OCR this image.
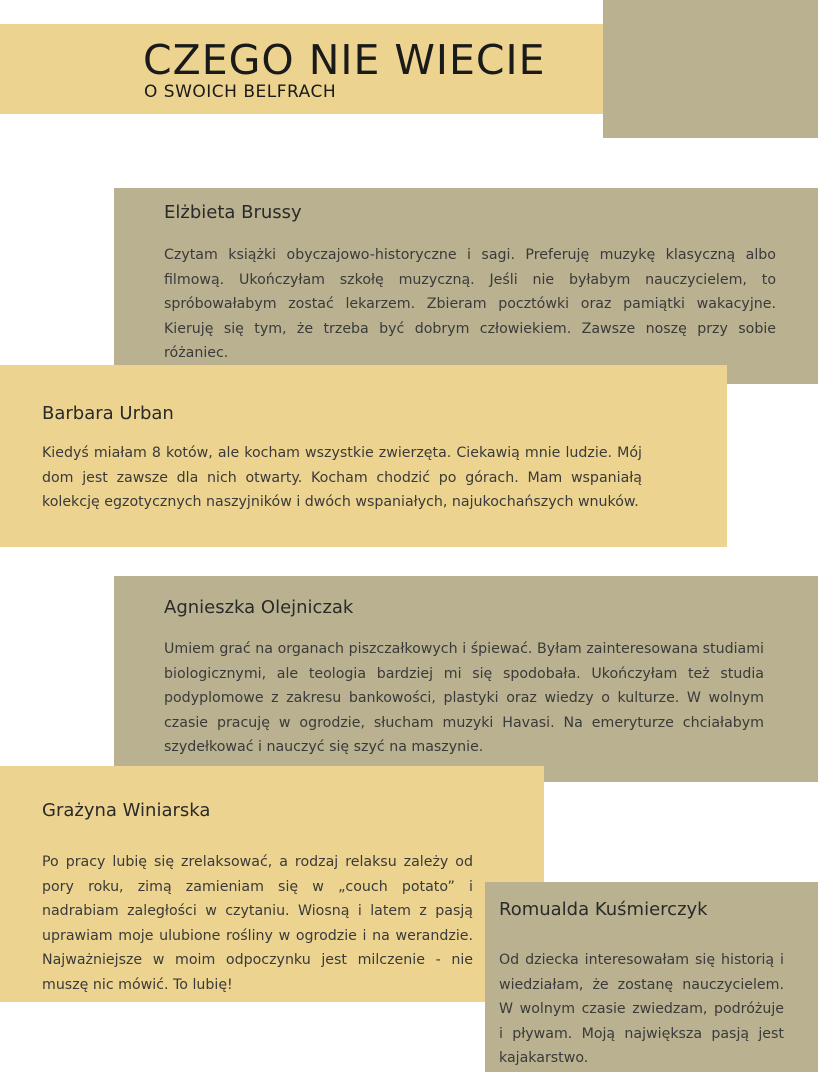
CZEGO NIE WIECIE
O SWOICH BELFRACH
Elżbieta Brussy

Czytam książki obyczajowo-historyczne i sagi. Preferuję muzykę klasyczną albo filmową. Ukończyłam szkołę muzyczną. Jeśli nie byłabym nauczycielem, to spróbowałabym zostać lekarzem. Zbieram pocztówki oraz pamiątki wakacyjne. Kieruję się tym, że trzeba być dobrym człowiekiem. Zawsze noszę przy sobie różaniec.

Barbara Urban

Kiedyś miałam 8 kotów, ale kocham wszystkie zwierzęta. Ciekawią mnie ludzie. Mój dom jest zawsze dla nich otwarty. Kocham chodzić po górach. Mam wspaniałą kolekcję egzotycznych naszyjników i dwóch wspaniałych, najukochańszych wnuków.

Agnieszka Olejniczak

Umiem grać na organach piszczałkowych i śpiewać. Byłam zainteresowana studiami biologicznymi, ale teologia bardziej mi się spodobała. Ukończyłam też studia podyplomowe z zakresu bankowości, plastyki oraz wiedzy o kulturze. W wolnym czasie pracuję w ogrodzie, słucham muzyki Havasi. Na emeryturze chciałabym szydełkować i nauczyć się szyć na maszynie.

Grażyna Winiarska

Po pracy lubię się zrelaksować, a rodzaj relaksu zależy od pory roku, zimą zamieniam się w „couch potato” i nadrabiam zaległości w czytaniu. Wiosną i latem z pasją uprawiam moje ulubione rośliny w ogrodzie i na werandzie. Najważniejsze w moim odpoczynku jest milczenie - nie muszę nic mówić. To lubię!

Romualda Kuśmierczyk

Od dziecka interesowałam się historią i wiedziałam, że zostanę nauczycielem. W wolnym czasie zwiedzam, podróżuje i pływam. Moją największa pasją jest kajakarstwo.
